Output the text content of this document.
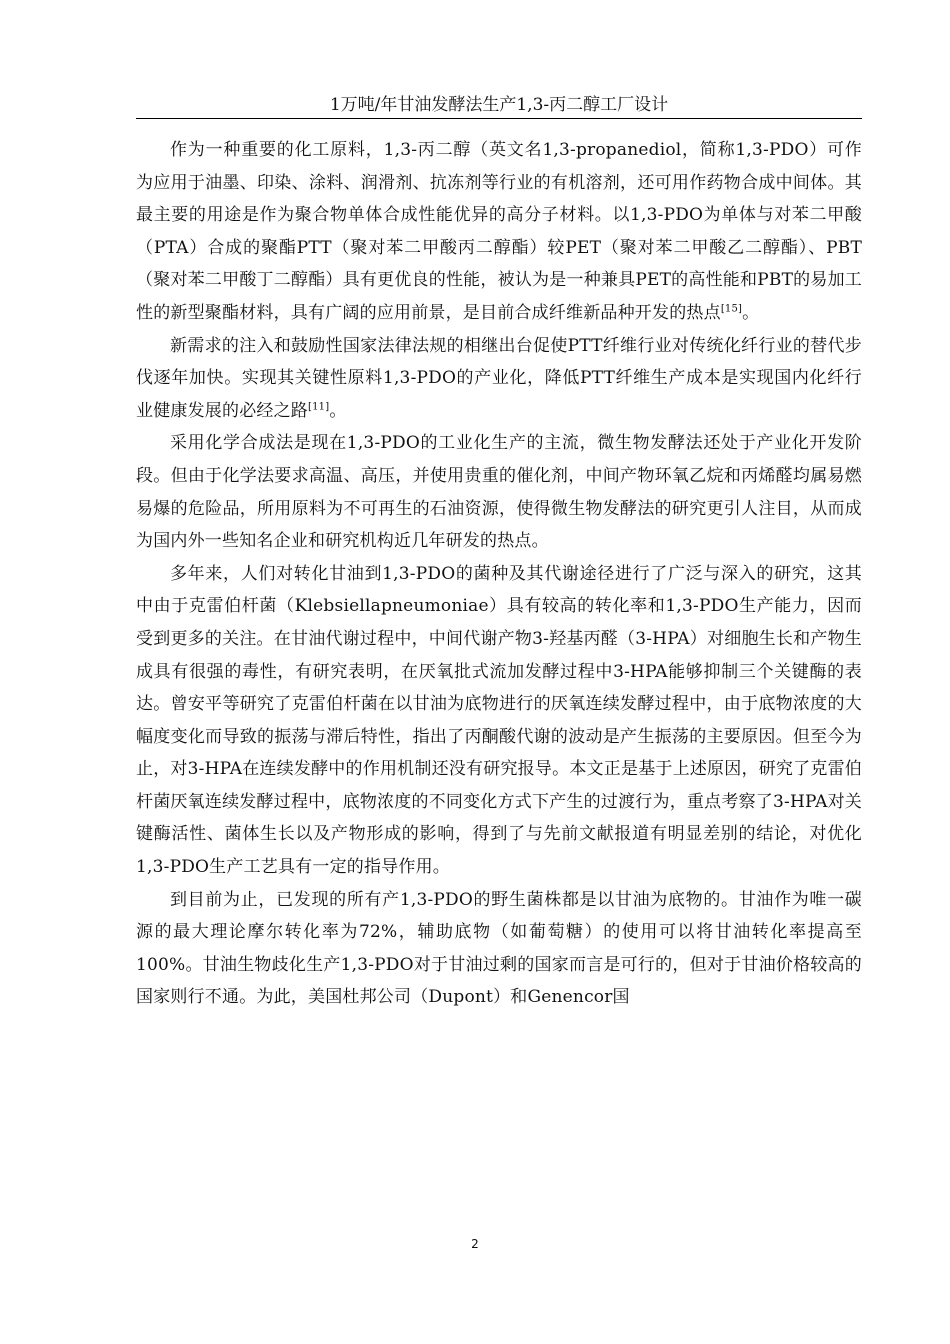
1万吨/年甘油发酵法生产1,3-丙二醇工厂设计

作为一种重要的化工原料，1,3-丙二醇（英文名1,3-propanediol，简称1,3-PDO）可作为应用于油墨、印染、涂料、润滑剂、抗冻剂等行业的有机溶剂，还可用作药物合成中间体。其最主要的用途是作为聚合物单体合成性能优异的高分子材料。以1,3-PDO为单体与对苯二甲酸（PTA）合成的聚酯PTT（聚对苯二甲酸丙二醇酯）较PET（聚对苯二甲酸乙二醇酯）、PBT（聚对苯二甲酸丁二醇酯）具有更优良的性能，被认为是一种兼具PET的高性能和PBT的易加工性的新型聚酯材料，具有广阔的应用前景，是目前合成纤维新品种开发的热点[15]。

新需求的注入和鼓励性国家法律法规的相继出台促使PTT纤维行业对传统化纤行业的替代步伐逐年加快。实现其关键性原料1,3-PDO的产业化，降低PTT纤维生产成本是实现国内化纤行业健康发展的必经之路[11]。

采用化学合成法是现在1,3-PDO的工业化生产的主流，微生物发酵法还处于产业化开发阶段。但由于化学法要求高温、高压，并使用贵重的催化剂，中间产物环氧乙烷和丙烯醛均属易燃易爆的危险品，所用原料为不可再生的石油资源，使得微生物发酵法的研究更引人注目，从而成为国内外一些知名企业和研究机构近几年研发的热点。

多年来，人们对转化甘油到1,3-PDO的菌种及其代谢途径进行了广泛与深入的研究，这其中由于克雷伯杆菌（Klebsiellapneumoniae）具有较高的转化率和1,3-PDO生产能力，因而受到更多的关注。在甘油代谢过程中，中间代谢产物3-羟基丙醛（3-HPA）对细胞生长和产物生成具有很强的毒性，有研究表明，在厌氧批式流加发酵过程中3-HPA能够抑制三个关键酶的表达。曾安平等研究了克雷伯杆菌在以甘油为底物进行的厌氧连续发酵过程中，由于底物浓度的大幅度变化而导致的振荡与滞后特性，指出了丙酮酸代谢的波动是产生振荡的主要原因。但至今为止，对3-HPA在连续发酵中的作用机制还没有研究报导。本文正是基于上述原因，研究了克雷伯杆菌厌氧连续发酵过程中，底物浓度的不同变化方式下产生的过渡行为，重点考察了3-HPA对关键酶活性、菌体生长以及产物形成的影响，得到了与先前文献报道有明显差别的结论，对优化1,3-PDO生产工艺具有一定的指导作用。

到目前为止，已发现的所有产1,3-PDO的野生菌株都是以甘油为底物的。甘油作为唯一碳源的最大理论摩尔转化率为72%，辅助底物（如葡萄糖）的使用可以将甘油转化率提高至100%。甘油生物歧化生产1,3-PDO对于甘油过剩的国家而言是可行的，但对于甘油价格较高的国家则行不通。为此，美国杜邦公司（Dupont）和Genencor国

2
